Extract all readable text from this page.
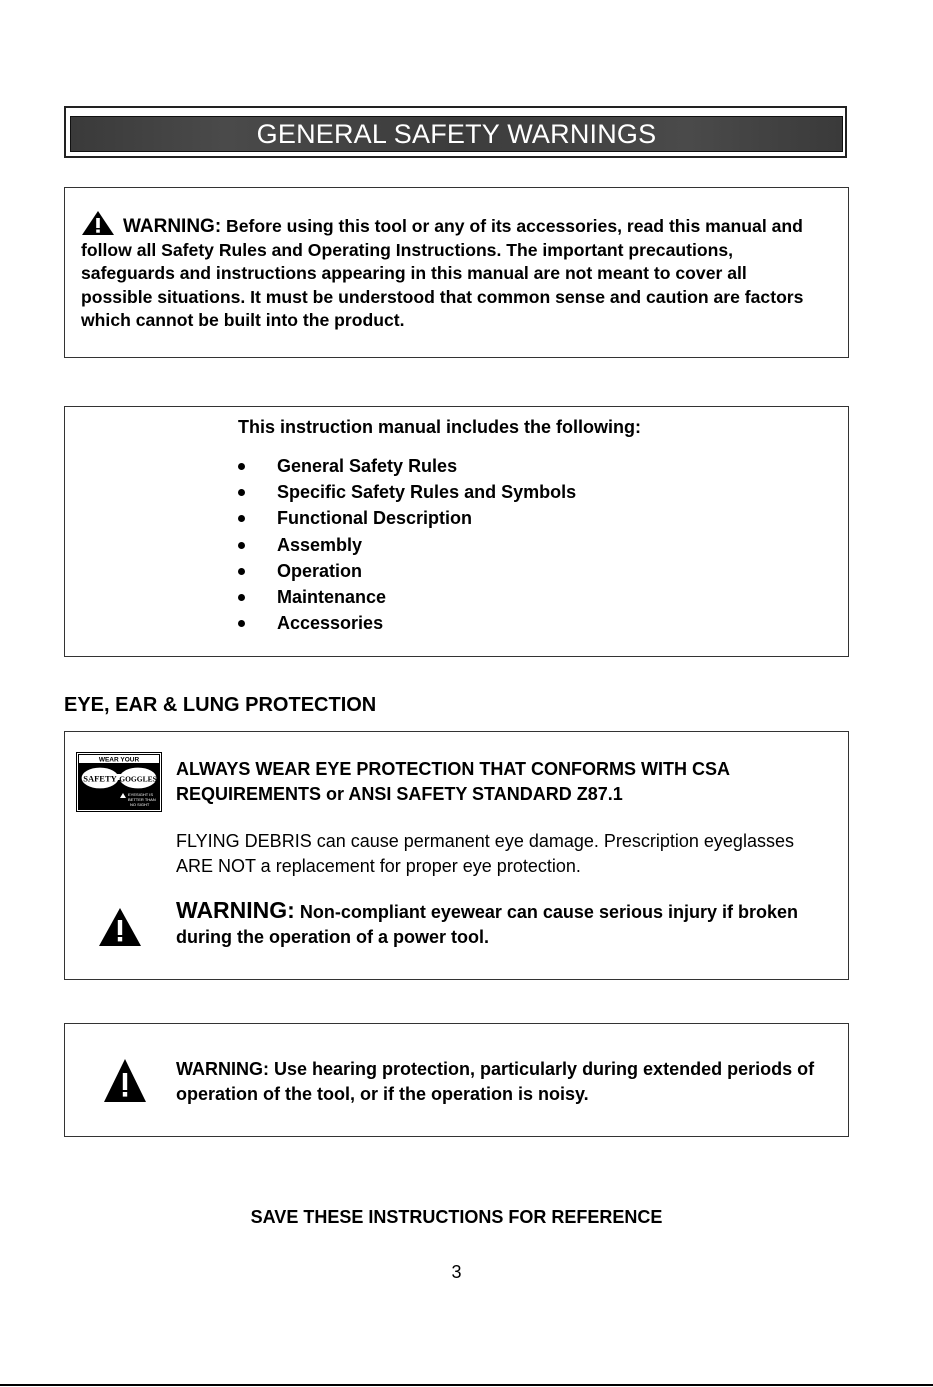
GENERAL SAFETY WARNINGS
WARNING: Before using this tool or any of its accessories, read this manual and follow all Safety Rules and Operating Instructions. The important precautions, safeguards and instructions appearing in this manual are not meant to cover all possible situations. It must be understood that common sense and caution are factors which cannot be built into the product.
This instruction manual includes the following:
General Safety Rules
Specific Safety Rules and Symbols
Functional Description
Assembly
Operation
Maintenance
Accessories
EYE, EAR & LUNG PROTECTION
WEAR YOUR
SAFETY GOGGLES
EYESIGHT IS
BETTER THAN
NO SIGHT
ALWAYS WEAR EYE PROTECTION THAT CONFORMS WITH CSA REQUIREMENTS or ANSI SAFETY STANDARD Z87.1
FLYING DEBRIS can cause permanent eye damage. Prescription eyeglasses ARE NOT a replacement for proper eye protection.
WARNING: Non-compliant eyewear can cause serious injury if broken during the operation of a power tool.
WARNING: Use hearing protection, particularly during extended periods of operation of the tool, or if the operation is noisy.
SAVE THESE INSTRUCTIONS FOR REFERENCE
3
